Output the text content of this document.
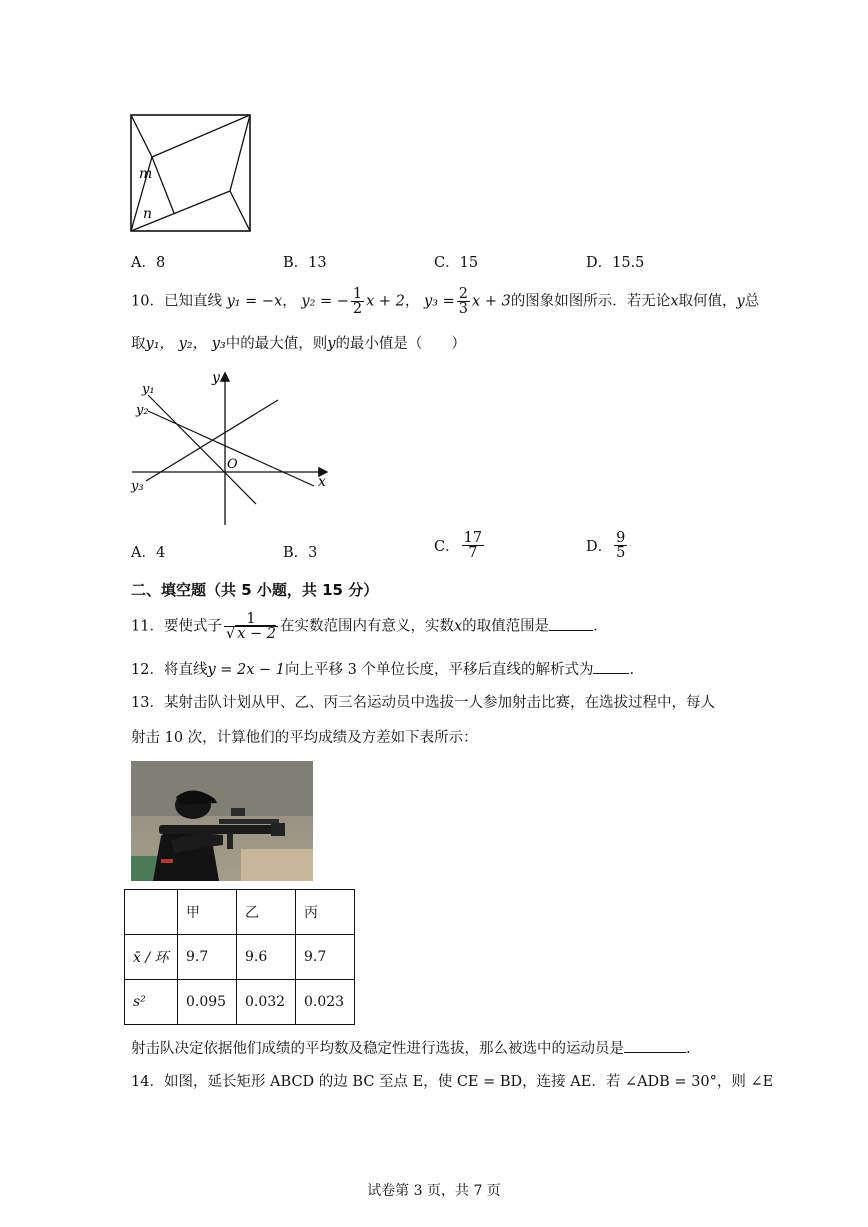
m
n
A．8	B．13	C．15	D．15.5
10．已知直线 y₁ = −x， y₂ = − $\frac{1}{2}$ x + 2， $y_3 = \frac{2}{3}$ x + 3的图象如图所示．若无论x取何值，y总
取y₁， y₂， y₃中的最大值，则y的最小值是（　　）
y₁
y₂
y₃
y
x
O
A．4	B．3	C． $\frac{17}{7}$	D． $\frac{9}{5}$
二、填空题（共 5 小题，共 15 分）
11．要使式子 $\frac{1}{√ x - 2}$ 在实数范围内有意义，实数x的取值范围是	.
12．将直线y = 2x − 1向上平移 3 个单位长度，平移后直线的解析式为 .
13．某射击队计划从甲、乙、丙三名运动员中选拔一人参加射击比赛，在选拔过程中，每人
射击 10 次，计算他们的平均成绩及方差如下表所示：
	甲	乙	丙
x̄ / 环	9.7	9.6	9.7
s²	0.095	0.032	0.023
射击队决定依据他们成绩的平均数及稳定性进行选拔，那么被选中的运动员是	.
14．如图，延长矩形 ABCD 的边 BC 至点 E，使 CE = BD，连接 AE．若 ∠ADB = 30°，则 ∠E
试卷第 3 页，共 7 页
